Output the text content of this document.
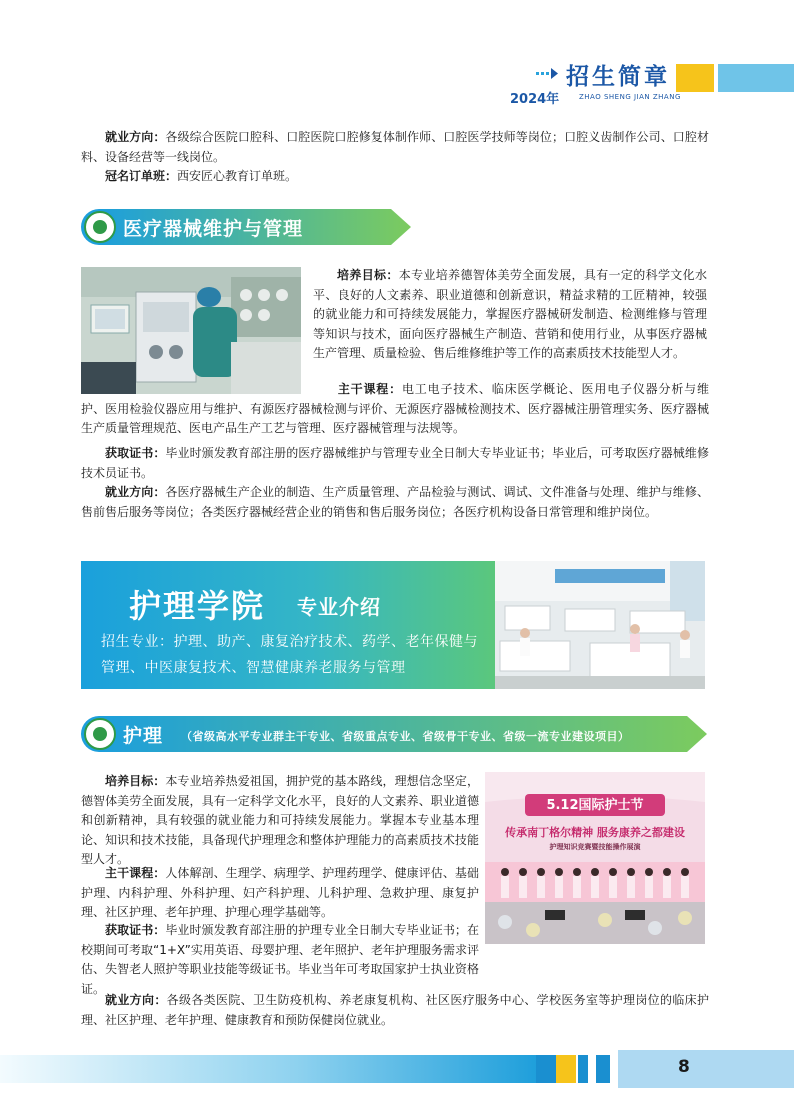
招生简章
2024年	ZHAO SHENG JIAN ZHANG
就业方向：各级综合医院口腔科、口腔医院口腔修复体制作师、口腔医学技师等岗位；口腔义齿制作公司、口腔材料、设备经营等一线岗位。
冠名订单班：西安匠心教育订单班。
医疗器械维护与管理
培养目标：本专业培养德智体美劳全面发展，具有一定的科学文化水平、良好的人文素养、职业道德和创新意识，精益求精的工匠精神，较强的就业能力和可持续发展能力，掌握医疗器械研发制造、检测维修与管理等知识与技术，面向医疗器械生产制造、营销和使用行业，从事医疗器械生产管理、质量检验、售后维修维护等工作的高素质技术技能型人才。
主干课程：电工电子技术、临床医学概论、医用电子仪器分析与维护、医用检验仪器应用与维护、有源医疗器械检测与评价、无源医疗器械检测技术、医疗器械注册管理实务、医疗器械生产质量管理规范、医电产品生产工艺与管理、医疗器械管理与法规等。
获取证书：毕业时颁发教育部注册的医疗器械维护与管理专业全日制大专毕业证书；毕业后，可考取医疗器械维修技术员证书。
就业方向：各医疗器械生产企业的制造、生产质量管理、产品检验与测试、调试、文件准备与处理、维护与维修、售前售后服务等岗位；各类医疗器械经营企业的销售和售后服务岗位；各医疗机构设备日常管理和维护岗位。
护理学院 专业介绍
招生专业：护理、助产、康复治疗技术、药学、老年保健与管理、中医康复技术、智慧健康养老服务与管理
护理 （省级高水平专业群主干专业、省级重点专业、省级骨干专业、省级一流专业建设项目）
5.12国际护士节
传承南丁格尔精神 服务康养之都建设
护理知识竞赛暨技能操作展演
培养目标：本专业培养热爱祖国，拥护党的基本路线，理想信念坚定，德智体美劳全面发展，具有一定科学文化水平，良好的人文素养、职业道德和创新精神，具有较强的就业能力和可持续发展能力。掌握本专业基本理论、知识和技术技能，具备现代护理理念和整体护理能力的高素质技术技能型人才。
主干课程：人体解剖、生理学、病理学、护理药理学、健康评估、基础护理、内科护理、外科护理、妇产科护理、儿科护理、急救护理、康复护理、社区护理、老年护理、护理心理学基础等。
获取证书：毕业时颁发教育部注册的护理专业全日制大专毕业证书；在校期间可考取“1+X”实用英语、母婴护理、老年照护、老年护理服务需求评估、失智老人照护等职业技能等级证书。毕业当年可考取国家护士执业资格证。
就业方向：各级各类医院、卫生防疫机构、养老康复机构、社区医疗服务中心、学校医务室等护理岗位的临床护理、社区护理、老年护理、健康教育和预防保健岗位就业。
8
